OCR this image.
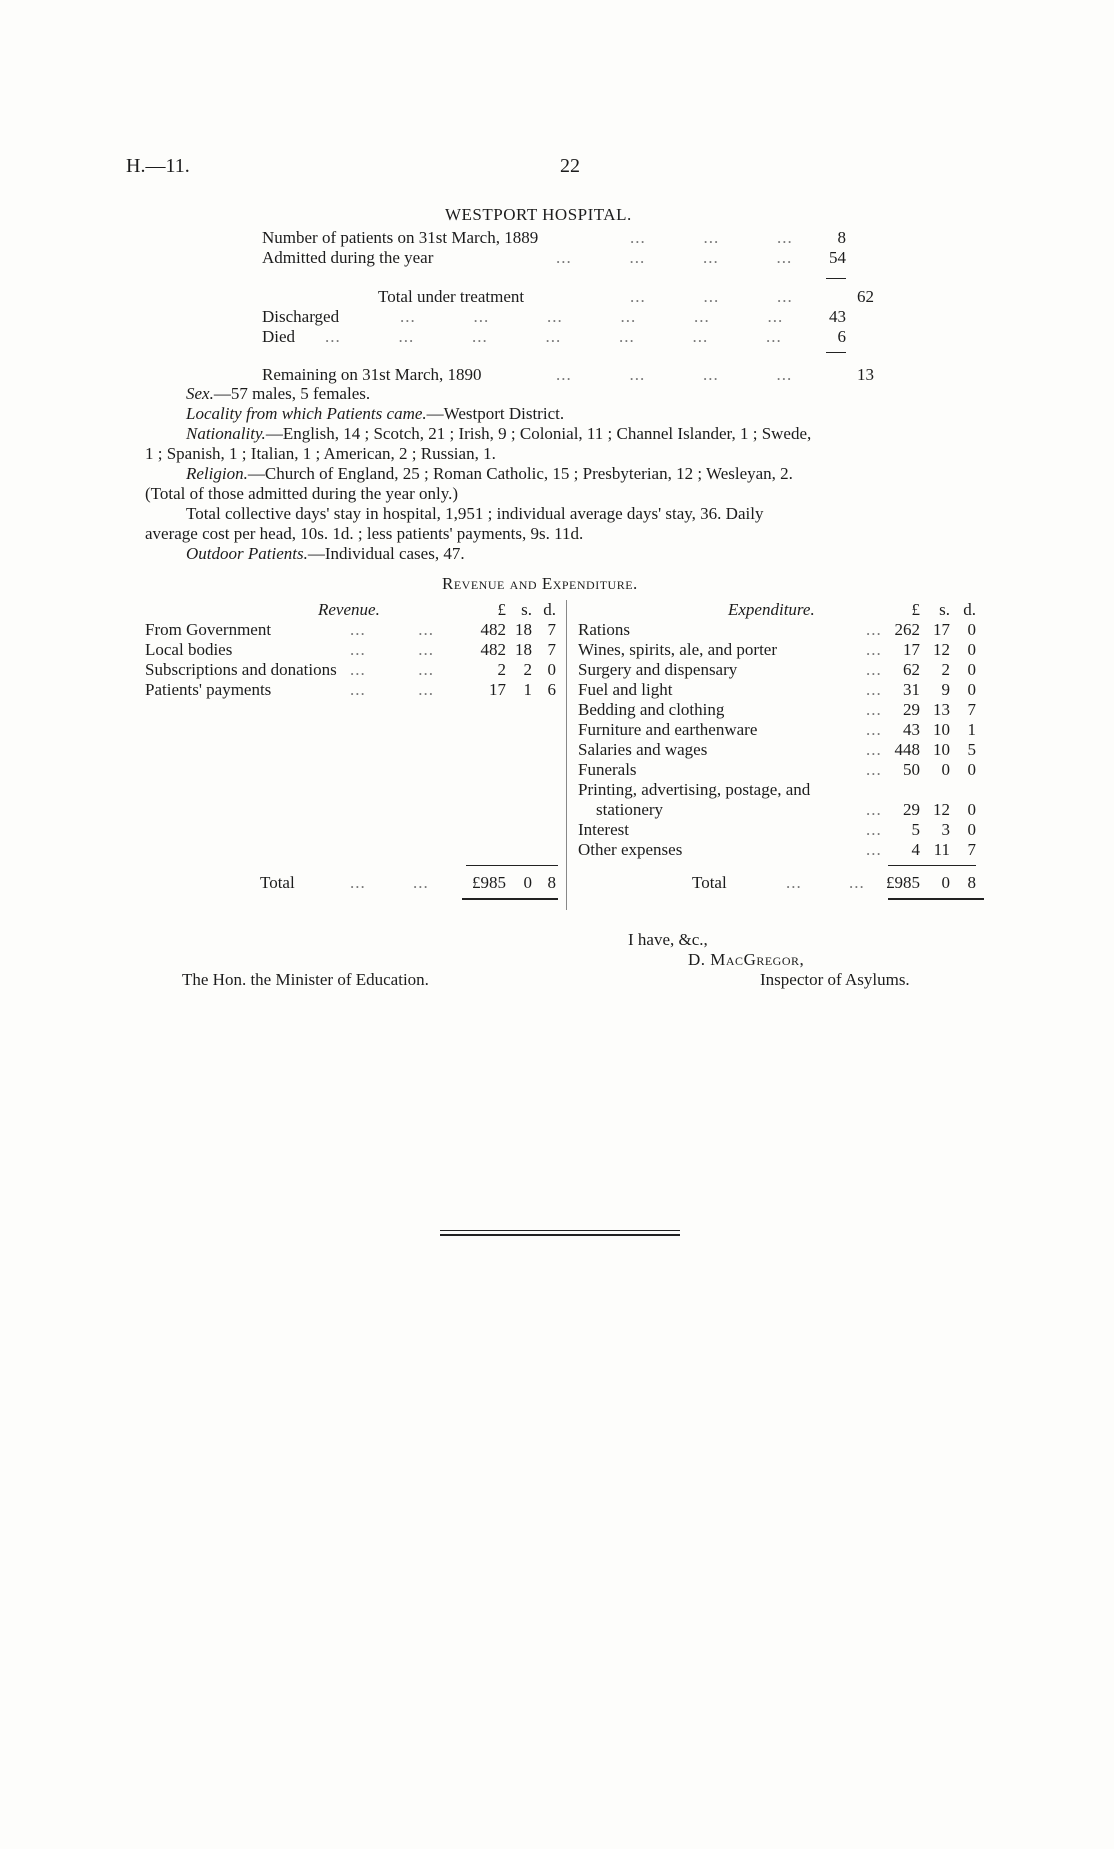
H.—11.	22
WESTPORT HOSPITAL.
Number of patients on 31st March, 1889	...           ...           ...	8
Admitted during the year	...           ...           ...           ...	54
Total under treatment	...           ...           ...	62
Discharged	...           ...           ...           ...           ...           ...	43
Died ...           ...           ...           ...           ...           ...           ...	6
Remaining on 31st March, 1890	...           ...           ...           ...	13
Sex.—57 males, 5 females.
Locality from which Patients came.—Westport District.
Nationality.—English, 14 ; Scotch, 21 ; Irish, 9 ; Colonial, 11 ; Channel Islander, 1 ; Swede,
1 ; Spanish, 1 ; Italian, 1 ; American, 2 ; Russian, 1.
Religion.—Church of England, 25 ; Roman Catholic, 15 ; Presbyterian, 12 ; Wesleyan, 2.
(Total of those admitted during the year only.)
Total collective days' stay in hospital, 1,951 ; individual average days' stay, 36. Daily
average cost per head, 10s. 1d. ; less patients' payments, 9s. 11d.
Outdoor Patients.—Individual cases, 47.
Revenue and Expenditure.
Revenue.	£ s. d.
From Government	...          ...	482 18 7
Local bodies	...          ...	482 18 7
Subscriptions and donations ...          ...	2	2 0
Patients' payments	...          ...	17	1 6
Total	...         ...	£985	0 8
Expenditure.	£	s. d.
Rations	... 262 17	0
Wines, spirits, ale, and porter	...	17 12	0
Surgery and dispensary	...	62	2	0
Fuel and light	...	31	9	0
Bedding and clothing	...	29 13	7
Furniture and earthenware	...	43 10	1
Salaries and wages	... 448 10	5
Funerals	...	50	0	0
Printing, advertising, postage, and
stationery	...	29 12	0
Interest	...	5	3	0
Other expenses	...	4 11	7
Total	...         ...	£985	0	8
I have, &c.,
D. MacGregor,
Inspector of Asylums.
The Hon. the Minister of Education.
